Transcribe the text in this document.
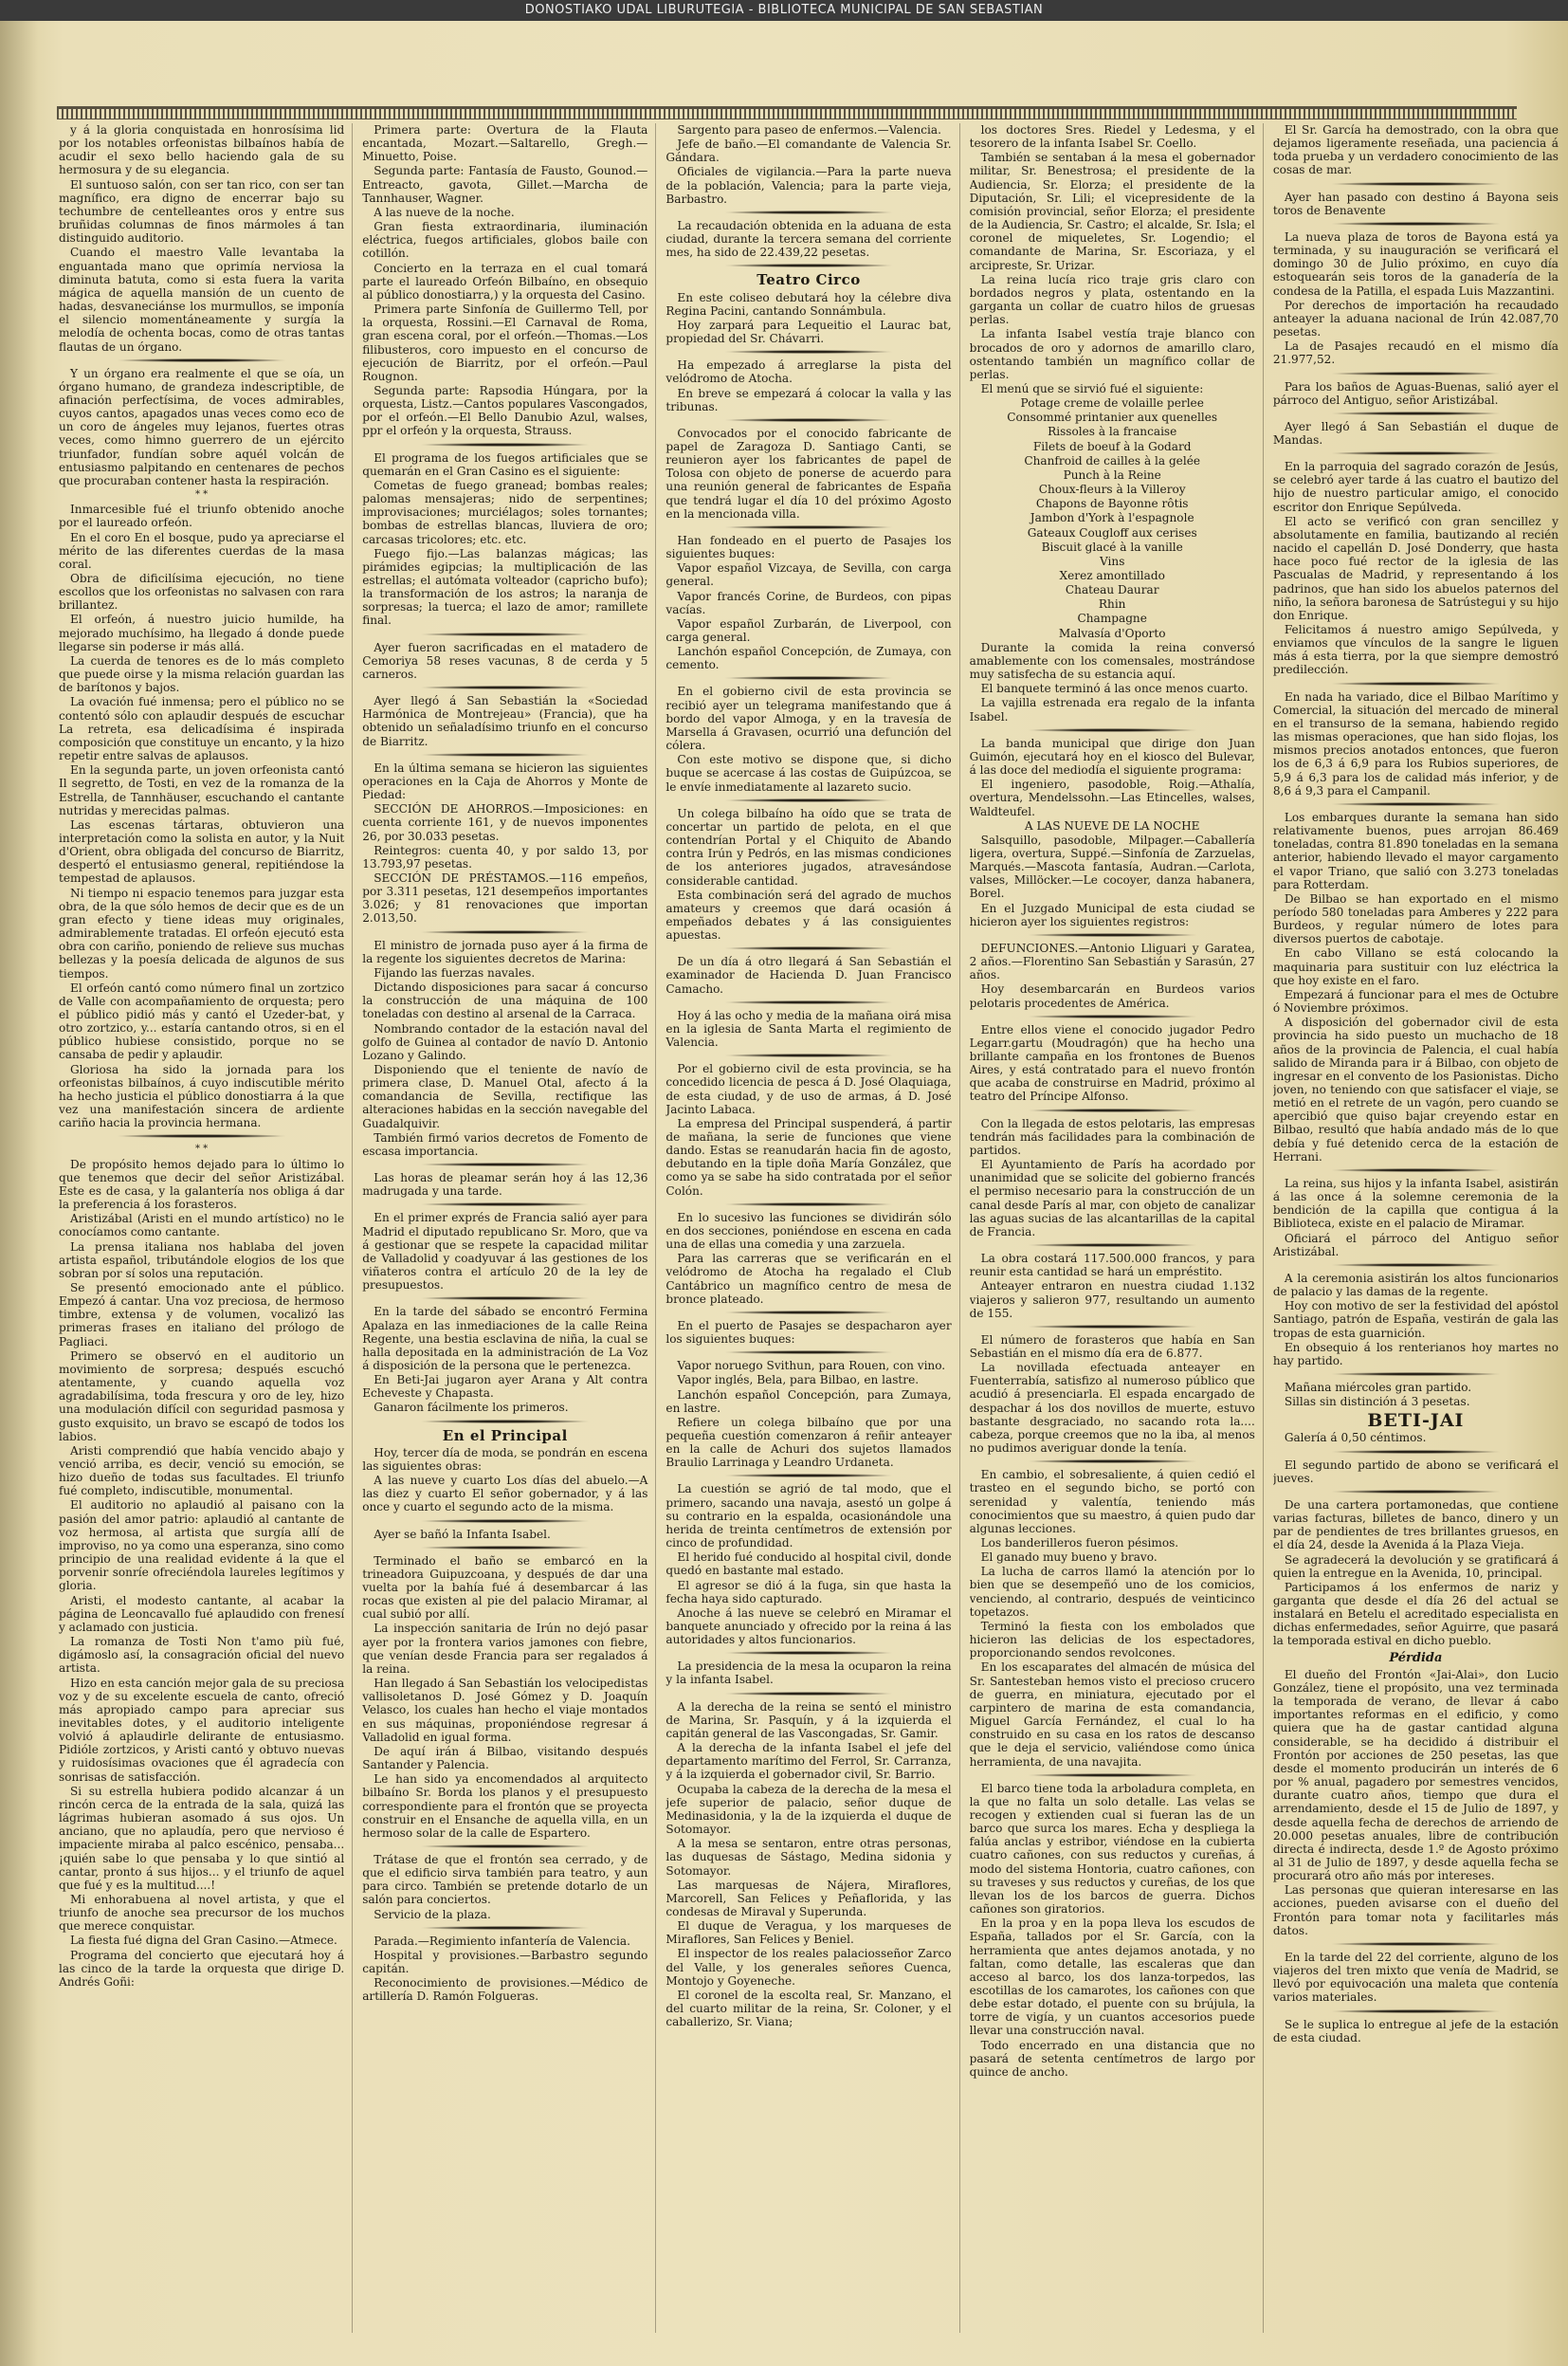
DONOSTIAKO UDAL LIBURUTEGIA - BIBLIOTECA MUNICIPAL DE SAN SEBASTIAN

y á la gloria conquistada en honrosísima lid por los notables orfeonistas bilbaínos había de acudir el sexo bello haciendo gala de su hermosura y de su elegancia.

El suntuoso salón, con ser tan rico, con ser tan magnífico, era digno de encerrar bajo su techumbre de centelleantes oros y entre sus bruñidas columnas de finos mármoles á tan distinguido auditorio.

Cuando el maestro Valle levantaba la enguantada mano que oprimía nerviosa la diminuta batuta, como si esta fuera la varita mágica de aquella mansión de un cuento de hadas, desvaneciánse los murmullos, se imponía el silencio momentáneamente y surgía la melodía de ochenta bocas, como de otras tantas flautas de un órgano.

Y un órgano era realmente el que se oía, un órgano humano, de grandeza indescriptible, de afinación perfectísima, de voces admirables, cuyos cantos, apagados unas veces como eco de un coro de ángeles muy lejanos, fuertes otras veces, como himno guerrero de un ejército triunfador, fundían sobre aquél volcán de entusiasmo palpitando en centenares de pechos que procuraban contener hasta la respiración.

* *

Inmarcesible fué el triunfo obtenido anoche por el laureado orfeón.

En el coro En el bosque, pudo ya apreciarse el mérito de las diferentes cuerdas de la masa coral.

Obra de dificilísima ejecución, no tiene escollos que los orfeonistas no salvasen con rara brillantez.

El orfeón, á nuestro juicio humilde, ha mejorado muchísimo, ha llegado á donde puede llegarse sin poderse ir más allá.

La cuerda de tenores es de lo más completo que puede oirse y la misma relación guardan las de barítonos y bajos.

La ovación fué inmensa; pero el público no se contentó sólo con aplaudir después de escuchar La retreta, esa delicadísima é inspirada composición que constituye un encanto, y la hizo repetir entre salvas de aplausos.

En la segunda parte, un joven orfeonista cantó Il segretto, de Tosti, en vez de la romanza de la Estrella, de Tannhäuser, escuchando el cantante nutridas y merecidas palmas.

Las escenas tártaras, obtuvieron una interpretación como la solista en autor, y la Nuit d'Orient, obra obligada del concurso de Biarritz, despertó el entusiasmo general, repitiéndose la tempestad de aplausos.

Ni tiempo ni espacio tenemos para juzgar esta obra, de la que sólo hemos de decir que es de un gran efecto y tiene ideas muy originales, admirablemente tratadas. El orfeón ejecutó esta obra con cariño, poniendo de relieve sus muchas bellezas y la poesía delicada de algunos de sus tiempos.

El orfeón cantó como número final un zortzico de Valle con acompañamiento de orquesta; pero el público pidió más y cantó el Uzeder-bat, y otro zortzico, y... estaría cantando otros, si en el público hubiese consistido, porque no se cansaba de pedir y aplaudir.

Gloriosa ha sido la jornada para los orfeonistas bilbaínos, á cuyo indiscutible mérito ha hecho justicia el público donostiarra á la que vez una manifestación sincera de ardiente cariño hacia la provincia hermana.

* *

De propósito hemos dejado para lo último lo que tenemos que decir del señor Aristizábal. Este es de casa, y la galantería nos obliga á dar la preferencia á los forasteros.

Aristizábal (Aristi en el mundo artístico) no le conocíamos como cantante.

La prensa italiana nos hablaba del joven artista español, tributándole elogios de los que sobran por sí solos una reputación.

Se presentó emocionado ante el público. Empezó á cantar. Una voz preciosa, de hermoso timbre, extensa y de volumen, vocalizó las primeras frases en italiano del prólogo de Pagliaci.

Primero se observó en el auditorio un movimiento de sorpresa; después escuchó atentamente, y cuando aquella voz agradabilísima, toda frescura y oro de ley, hizo una modulación difícil con seguridad pasmosa y gusto exquisito, un bravo se escapó de todos los labios.

Aristi comprendió que había vencido abajo y venció arriba, es decir, venció su emoción, se hizo dueño de todas sus facultades. El triunfo fué completo, indiscutible, monumental.

El auditorio no aplaudió al paisano con la pasión del amor patrio: aplaudió al cantante de voz hermosa, al artista que surgía allí de improviso, no ya como una esperanza, sino como principio de una realidad evidente á la que el porvenir sonríe ofreciéndola laureles legítimos y gloria.

Aristi, el modesto cantante, al acabar la página de Leoncavallo fué aplaudido con frenesí y aclamado con justicia.

La romanza de Tosti Non t'amo più fué, digámoslo así, la consagración oficial del nuevo artista.

Hizo en esta canción mejor gala de su preciosa voz y de su excelente escuela de canto, ofreció más apropiado campo para apreciar sus inevitables dotes, y el auditorio inteligente volvió á aplaudirle delirante de entusiasmo. Pidióle zortzicos, y Aristi cantó y obtuvo nuevas y ruidosísimas ovaciones que él agradecía con sonrisas de satisfacción.

Si su estrella hubiera podido alcanzar á un rincón cerca de la entrada de la sala, quizá las lágrimas hubieran asomado á sus ojos. Un anciano, que no aplaudía, pero que nervioso é impaciente miraba al palco escénico, pensaba... ¡quién sabe lo que pensaba y lo que sintió al cantar, pronto á sus hijos... y el triunfo de aquel que fué y es la multitud....!

Mi enhorabuena al novel artista, y que el triunfo de anoche sea precursor de los muchos que merece conquistar.

La fiesta fué digna del Gran Casino.—Atmece.

Programa del concierto que ejecutará hoy á las cinco de la tarde la orquesta que dirige D. Andrés Goñi:

Primera parte: Overtura de la Flauta encantada, Mozart.—Saltarello, Gregh.—Minuetto, Poise.

Segunda parte: Fantasía de Fausto, Gounod.—Entreacto, gavota, Gillet.—Marcha de Tannhauser, Wagner.

A las nueve de la noche.

Gran fiesta extraordinaria, iluminación eléctrica, fuegos artificiales, globos baile con cotillón.

Concierto en la terraza en el cual tomará parte el laureado Orfeón Bilbaíno, en obsequio al público donostiarra,) y la orquesta del Casino.

Primera parte Sinfonía de Guillermo Tell, por la orquesta, Rossini.—El Carnaval de Roma, gran escena coral, por el orfeón.—Thomas.—Los filibusteros, coro impuesto en el concurso de ejecución de Biarritz, por el orfeón.—Paul Rougnon.

Segunda parte: Rapsodia Húngara, por la orquesta, Listz.—Cantos populares Vascongados, por el orfeón.—El Bello Danubio Azul, walses, ppr el orfeón y la orquesta, Strauss.

El programa de los fuegos artificiales que se quemarán en el Gran Casino es el siguiente:

Cometas de fuego granead; bombas reales; palomas mensajeras; nido de serpentines; improvisaciones; murciélagos; soles tornantes; bombas de estrellas blancas, lluviera de oro; carcasas tricolores; etc. etc.

Fuego fijo.—Las balanzas mágicas; las pirámides egipcias; la multiplicación de las estrellas; el autómata volteador (capricho bufo); la transformación de los astros; la naranja de sorpresas; la tuerca; el lazo de amor; ramillete final.

Ayer fueron sacrificadas en el matadero de Cemoriya 58 reses vacunas, 8 de cerda y 5 carneros.

Ayer llegó á San Sebastián la «Sociedad Harmónica de Montrejeau» (Francia), que ha obtenido un señaladísimo triunfo en el concurso de Biarritz.

En la última semana se hicieron las siguientes operaciones en la Caja de Ahorros y Monte de Piedad:

SECCIÓN DE AHORROS.—Imposiciones: en cuenta corriente 161, y de nuevos imponentes 26, por 30.033 pesetas.

Reintegros: cuenta 40, y por saldo 13, por 13.793,97 pesetas.

SECCIÓN DE PRÉSTAMOS.—116 empeños, por 3.311 pesetas, 121 desempeños importantes 3.026; y 81 renovaciones que importan 2.013,50.

El ministro de jornada puso ayer á la firma de la regente los siguientes decretos de Marina:

Fijando las fuerzas navales.

Dictando disposiciones para sacar á concurso la construcción de una máquina de 100 toneladas con destino al arsenal de la Carraca.

Nombrando contador de la estación naval del golfo de Guinea al contador de navío D. Antonio Lozano y Galindo.

Disponiendo que el teniente de navío de primera clase, D. Manuel Otal, afecto á la comandancia de Sevilla, rectifique las alteraciones habidas en la sección navegable del Guadalquivir.

También firmó varios decretos de Fomento de escasa importancia.

Las horas de pleamar serán hoy á las 12,36 madrugada y una tarde.

En el primer exprés de Francia salió ayer para Madrid el diputado republicano Sr. Moro, que va á gestionar que se respete la capacidad militar de Valladolid y coadyuvar á las gestiones de los viñateros contra el artículo 20 de la ley de presupuestos.

En la tarde del sábado se encontró Fermina Apalaza en las inmediaciones de la calle Reina Regente, una bestia esclavina de niña, la cual se halla depositada en la administración de La Voz á disposición de la persona que le pertenezca.

En Beti-Jai jugaron ayer Arana y Alt contra Echeveste y Chapasta.

Ganaron fácilmente los primeros.

En el Principal

Hoy, tercer día de moda, se pondrán en escena las siguientes obras:

A las nueve y cuarto Los días del abuelo.—A las diez y cuarto El señor gobernador, y á las once y cuarto el segundo acto de la misma.

Ayer se bañó la Infanta Isabel.

Terminado el baño se embarcó en la trineadora Guipuzcoana, y después de dar una vuelta por la bahía fué á desembarcar á las rocas que existen al pie del palacio Miramar, al cual subió por allí.

La inspección sanitaria de Irún no dejó pasar ayer por la frontera varios jamones con fiebre, que venían desde Francia para ser regalados á la reina.

Han llegado á San Sebastián los velocipedistas vallisoletanos D. José Gómez y D. Joaquín Velasco, los cuales han hecho el viaje montados en sus máquinas, proponiéndose regresar á Valladolid en igual forma.

De aquí irán á Bilbao, visitando después Santander y Palencia.

Le han sido ya encomendados al arquitecto bilbaíno Sr. Borda los planos y el presupuesto correspondiente para el frontón que se proyecta construir en el Ensanche de aquella villa, en un hermoso solar de la calle de Espartero.

Trátase de que el frontón sea cerrado, y de que el edificio sirva también para teatro, y aun para circo. También se pretende dotarlo de un salón para conciertos.

Servicio de la plaza.

Parada.—Regimiento infantería de Valencia.

Hospital y provisiones.—Barbastro segundo capitán.

Reconocimiento de provisiones.—Médico de artillería D. Ramón Folgueras.

Sargento para paseo de enfermos.—Valencia.

Jefe de baño.—El comandante de Valencia Sr. Gándara.

Oficiales de vigilancia.—Para la parte nueva de la población, Valencia; para la parte vieja, Barbastro.

La recaudación obtenida en la aduana de esta ciudad, durante la tercera semana del corriente mes, ha sido de 22.439,22 pesetas.

Teatro Circo

En este coliseo debutará hoy la célebre diva Regina Pacini, cantando Sonnámbula.

Hoy zarpará para Lequeitio el Laurac bat, propiedad del Sr. Chávarri.

Ha empezado á arreglarse la pista del velódromo de Atocha.

En breve se empezará á colocar la valla y las tribunas.

Convocados por el conocido fabricante de papel de Zaragoza D. Santiago Canti, se reunieron ayer los fabricantes de papel de Tolosa con objeto de ponerse de acuerdo para una reunión general de fabricantes de España que tendrá lugar el día 10 del próximo Agosto en la mencionada villa.

Han fondeado en el puerto de Pasajes los siguientes buques:

Vapor español Vizcaya, de Sevilla, con carga general.

Vapor francés Corine, de Burdeos, con pipas vacías.

Vapor español Zurbarán, de Liverpool, con carga general.

Lanchón español Concepción, de Zumaya, con cemento.

En el gobierno civil de esta provincia se recibió ayer un telegrama manifestando que á bordo del vapor Almoga, y en la travesía de Marsella á Gravasen, ocurrió una defunción del cólera.

Con este motivo se dispone que, si dicho buque se acercase á las costas de Guipúzcoa, se le envíe inmediatamente al lazareto sucio.

Un colega bilbaíno ha oído que se trata de concertar un partido de pelota, en el que contendrían Portal y el Chiquito de Abando contra Irún y Pedrós, en las mismas condiciones de los anteriores jugados, atravesándose considerable cantidad.

Esta combinación será del agrado de muchos amateurs y creemos que dará ocasión á empeñados debates y á las consiguientes apuestas.

De un día á otro llegará á San Sebastián el examinador de Hacienda D. Juan Francisco Camacho.

Hoy á las ocho y media de la mañana oirá misa en la iglesia de Santa Marta el regimiento de Valencia.

Por el gobierno civil de esta provincia, se ha concedido licencia de pesca á D. José Olaquiaga, de esta ciudad, y de uso de armas, á D. José Jacinto Labaca.

La empresa del Principal suspenderá, á partir de mañana, la serie de funciones que viene dando. Estas se reanudarán hacia fin de agosto, debutando en la tiple doña María González, que como ya se sabe ha sido contratada por el señor Colón.

En lo sucesivo las funciones se dividirán sólo en dos secciones, poniéndose en escena en cada una de ellas una comedia y una zarzuela.

Para las carreras que se verificarán en el velódromo de Atocha ha regalado el Club Cantábrico un magnífico centro de mesa de bronce plateado.

En el puerto de Pasajes se despacharon ayer los siguientes buques:

Vapor noruego Svithun, para Rouen, con vino.

Vapor inglés, Bela, para Bilbao, en lastre.

Lanchón español Concepción, para Zumaya, en lastre.

Refiere un colega bilbaíno que por una pequeña cuestión comenzaron á reñir anteayer en la calle de Achuri dos sujetos llamados Braulio Larrinaga y Leandro Urdaneta.

La cuestión se agrió de tal modo, que el primero, sacando una navaja, asestó un golpe á su contrario en la espalda, ocasionándole una herida de treinta centímetros de extensión por cinco de profundidad.

El herido fué conducido al hospital civil, donde quedó en bastante mal estado.

El agresor se dió á la fuga, sin que hasta la fecha haya sido capturado.

Anoche á las nueve se celebró en Miramar el banquete anunciado y ofrecido por la reina á las autoridades y altos funcionarios.

La presidencia de la mesa la ocuparon la reina y la infanta Isabel.

A la derecha de la reina se sentó el ministro de Marina, Sr. Pasquín, y á la izquierda el capitán general de las Vascongadas, Sr. Gamir.

A la derecha de la infanta Isabel el jefe del departamento marítimo del Ferrol, Sr. Carranza, y á la izquierda el gobernador civil, Sr. Barrio.

Ocupaba la cabeza de la derecha de la mesa el jefe superior de palacio, señor duque de Medinasidonia, y la de la izquierda el duque de Sotomayor.

A la mesa se sentaron, entre otras personas, las duquesas de Sástago, Medina sidonia y Sotomayor.

Las marquesas de Nájera, Miraflores, Marcorell, San Felices y Peñaflorida, y las condesas de Miraval y Superunda.

El duque de Veragua, y los marqueses de Miraflores, San Felices y Beniel.

El inspector de los reales palaciosseñor Zarco del Valle, y los generales señores Cuenca, Montojo y Goyeneche.

El coronel de la escolta real, Sr. Manzano, el del cuarto militar de la reina, Sr. Coloner, y el caballerizo, Sr. Viana;

los doctores Sres. Riedel y Ledesma, y el tesorero de la infanta Isabel Sr. Coello.

También se sentaban á la mesa el gobernador militar, Sr. Benestrosa; el presidente de la Audiencia, Sr. Elorza; el presidente de la Diputación, Sr. Lili; el vicepresidente de la comisión provincial, señor Elorza; el presidente de la Audiencia, Sr. Castro; el alcalde, Sr. Isla; el coronel de miqueletes, Sr. Logendio; el comandante de Marina, Sr. Escoriaza, y el arcipreste, Sr. Urizar.

La reina lucía rico traje gris claro con bordados negros y plata, ostentando en la garganta un collar de cuatro hilos de gruesas perlas.

La infanta Isabel vestía traje blanco con brocados de oro y adornos de amarillo claro, ostentando también un magnífico collar de perlas.

El menú que se sirvió fué el siguiente:

Potage creme de volaille perlee

Consommé printanier aux quenelles

Rissoles à la francaise

Filets de boeuf à la Godard

Chanfroid de cailles à la gelée

Punch à la Reine

Choux-fleurs à la Villeroy

Chapons de Bayonne rôtis

Jambon d'York à l'espagnole

Gateaux Cougloff aux cerises

Biscuit glacé à la vanille

Vins

Xerez amontillado

Chateau Daurar

Rhin

Champagne

Malvasía d'Oporto

Durante la comida la reina conversó amablemente con los comensales, mostrándose muy satisfecha de su estancia aquí.

El banquete terminó á las once menos cuarto.

La vajilla estrenada era regalo de la infanta Isabel.

La banda municipal que dirige don Juan Guimón, ejecutará hoy en el kiosco del Bulevar, á las doce del mediodía el siguiente programa:

El ingeniero, pasodoble, Roig.—Athalía, overtura, Mendelssohn.—Las Etincelles, walses, Waldteufel.

A LAS NUEVE DE LA NOCHE

Salsquillo, pasodoble, Milpager.—Caballería ligera, overtura, Suppé.—Sinfonía de Zarzuelas, Marqués.—Mascota fantasía, Audran.—Carlota, valses, Millöcker.—Le cocoyer, danza habanera, Borel.

En el Juzgado Municipal de esta ciudad se hicieron ayer los siguientes registros:

DEFUNCIONES.—Antonio Lliguari y Garatea, 2 años.—Florentino San Sebastián y Sarasún, 27 años.

Hoy desembarcarán en Burdeos varios pelotaris procedentes de América.

Entre ellos viene el conocido jugador Pedro Legarr.gartu (Moudragón) que ha hecho una brillante campaña en los frontones de Buenos Aires, y está contratado para el nuevo frontón que acaba de construirse en Madrid, próximo al teatro del Príncipe Alfonso.

Con la llegada de estos pelotaris, las empresas tendrán más facilidades para la combinación de partidos.

El Ayuntamiento de París ha acordado por unanimidad que se solicite del gobierno francés el permiso necesario para la construcción de un canal desde París al mar, con objeto de canalizar las aguas sucias de las alcantarillas de la capital de Francia.

La obra costará 117.500.000 francos, y para reunir esta cantidad se hará un empréstito.

Anteayer entraron en nuestra ciudad 1.132 viajeros y salieron 977, resultando un aumento de 155.

El número de forasteros que había en San Sebastián en el mismo día era de 6.877.

La novillada efectuada anteayer en Fuenterrabía, satisfizo al numeroso público que acudió á presenciarla. El espada encargado de despachar á los dos novillos de muerte, estuvo bastante desgraciado, no sacando rota la.... cabeza, porque creemos que no la iba, al menos no pudimos averiguar donde la tenía.

En cambio, el sobresaliente, á quien cedió el trasteo en el segundo bicho, se portó con serenidad y valentía, teniendo más conocimientos que su maestro, á quien pudo dar algunas lecciones.

Los banderilleros fueron pésimos.

El ganado muy bueno y bravo.

La lucha de carros llamó la atención por lo bien que se desempeñó uno de los comicios, venciendo, al contrario, después de veinticinco topetazos.

Terminó la fiesta con los embolados que hicieron las delicias de los espectadores, proporcionando sendos revolcones.

En los escaparates del almacén de música del Sr. Santesteban hemos visto el precioso crucero de guerra, en miniatura, ejecutado por el carpintero de marina de esta comandancia, Miguel García Fernández, el cual lo ha construido en su casa en los ratos de descanso que le deja el servicio, valiéndose como única herramienta, de una navajita.

El barco tiene toda la arboladura completa, en la que no falta un solo detalle. Las velas se recogen y extienden cual si fueran las de un barco que surca los mares. Echa y despliega la falúa anclas y estribor, viéndose en la cubierta cuatro cañones, con sus reductos y cureñas, á modo del sistema Hontoria, cuatro cañones, con su traveses y sus reductos y cureñas, de los que llevan los de los barcos de guerra. Dichos cañones son giratorios.

En la proa y en la popa lleva los escudos de España, tallados por el Sr. García, con la herramienta que antes dejamos anotada, y no faltan, como detalle, las escaleras que dan acceso al barco, los dos lanza-torpedos, las escotillas de los camarotes, los cañones con que debe estar dotado, el puente con su brújula, la torre de vigía, y un cuantos accesorios puede llevar una construcción naval.

Todo encerrado en una distancia que no pasará de setenta centímetros de largo por quince de ancho.

El Sr. García ha demostrado, con la obra que dejamos ligeramente reseñada, una paciencia á toda prueba y un verdadero conocimiento de las cosas de mar.

Ayer han pasado con destino á Bayona seis toros de Benavente

La nueva plaza de toros de Bayona está ya terminada, y su inauguración se verificará el domingo 30 de Julio próximo, en cuyo día estoquearán seis toros de la ganadería de la condesa de la Patilla, el espada Luis Mazzantini.

Por derechos de importación ha recaudado anteayer la aduana nacional de Irún 42.087,70 pesetas.

La de Pasajes recaudó en el mismo día 21.977,52.

Para los baños de Aguas-Buenas, salió ayer el párroco del Antiguo, señor Aristizábal.

Ayer llegó á San Sebastián el duque de Mandas.

En la parroquia del sagrado corazón de Jesús, se celebró ayer tarde á las cuatro el bautizo del hijo de nuestro particular amigo, el conocido escritor don Enrique Sepúlveda.

El acto se verificó con gran sencillez y absolutamente en familia, bautizando al recién nacido el capellán D. José Donderry, que hasta hace poco fué rector de la iglesia de las Pascualas de Madrid, y representando á los padrinos, que han sido los abuelos paternos del niño, la señora baronesa de Satrústegui y su hijo don Enrique.

Felicitamos á nuestro amigo Sepúlveda, y enviamos que vínculos de la sangre le liguen más á esta tierra, por la que siempre demostró predilección.

En nada ha variado, dice el Bilbao Marítimo y Comercial, la situación del mercado de mineral en el transurso de la semana, habiendo regido las mismas operaciones, que han sido flojas, los mismos precios anotados entonces, que fueron los de 6,3 á 6,9 para los Rubios superiores, de 5,9 á 6,3 para los de calidad más inferior, y de 8,6 á 9,3 para el Campanil.

Los embarques durante la semana han sido relativamente buenos, pues arrojan 86.469 toneladas, contra 81.890 toneladas en la semana anterior, habiendo llevado el mayor cargamento el vapor Triano, que salió con 3.273 toneladas para Rotterdam.

De Bilbao se han exportado en el mismo período 580 toneladas para Amberes y 222 para Burdeos, y regular número de lotes para diversos puertos de cabotaje.

En cabo Villano se está colocando la maquinaria para sustituir con luz eléctrica la que hoy existe en el faro.

Empezará á funcionar para el mes de Octubre ó Noviembre próximos.

A disposición del gobernador civil de esta provincia ha sido puesto un muchacho de 18 años de la provincia de Palencia, el cual había salido de Miranda para ir á Bilbao, con objeto de ingresar en el convento de los Pasionistas. Dicho joven, no teniendo con que satisfacer el viaje, se metió en el retrete de un vagón, pero cuando se apercibió que quiso bajar creyendo estar en Bilbao, resultó que había andado más de lo que debía y fué detenido cerca de la estación de Herrani.

La reina, sus hijos y la infanta Isabel, asistirán á las once á la solemne ceremonia de la bendición de la capilla que contigua á la Biblioteca, existe en el palacio de Miramar.

Oficiará el párroco del Antiguo señor Aristizábal.

A la ceremonia asistirán los altos funcionarios de palacio y las damas de la regente.

Hoy con motivo de ser la festividad del apóstol Santiago, patrón de España, vestirán de gala las tropas de esta guarnición.

En obsequio á los renterianos hoy martes no hay partido.

Mañana miércoles gran partido.

Sillas sin distinción á 3 pesetas.

BETI-JAI

Galería á 0,50 céntimos.

El segundo partido de abono se verificará el jueves.

De una cartera portamonedas, que contiene varias facturas, billetes de banco, dinero y un par de pendientes de tres brillantes gruesos, en el día 24, desde la Avenida á la Plaza Vieja.

Se agradecerá la devolución y se gratificará á quien la entregue en la Avenida, 10, principal.

Participamos á los enfermos de nariz y garganta que desde el día 26 del actual se instalará en Betelu el acreditado especialista en dichas enfermedades, señor Aguirre, que pasará la temporada estival en dicho pueblo.

Pérdida

El dueño del Frontón «Jai-Alai», don Lucio González, tiene el propósito, una vez terminada la temporada de verano, de llevar á cabo importantes reformas en el edificio, y como quiera que ha de gastar cantidad alguna considerable, se ha decidido á distribuir el Frontón por acciones de 250 pesetas, las que desde el momento producirán un interés de 6 por % anual, pagadero por semestres vencidos, durante cuatro años, tiempo que dura el arrendamiento, desde el 15 de Julio de 1897, y desde aquella fecha de derechos de arriendo de 20.000 pesetas anuales, libre de contribución directa é indirecta, desde 1.º de Agosto próximo al 31 de Julio de 1897, y desde aquella fecha se procurará otro año más por intereses.

Las personas que quieran interesarse en las acciones, pueden avisarse con el dueño del Frontón para tomar nota y facilitarles más datos.

En la tarde del 22 del corriente, alguno de los viajeros del tren mixto que venía de Madrid, se llevó por equivocación una maleta que contenía varios materiales.

Se le suplica lo entregue al jefe de la estación de esta ciudad.
